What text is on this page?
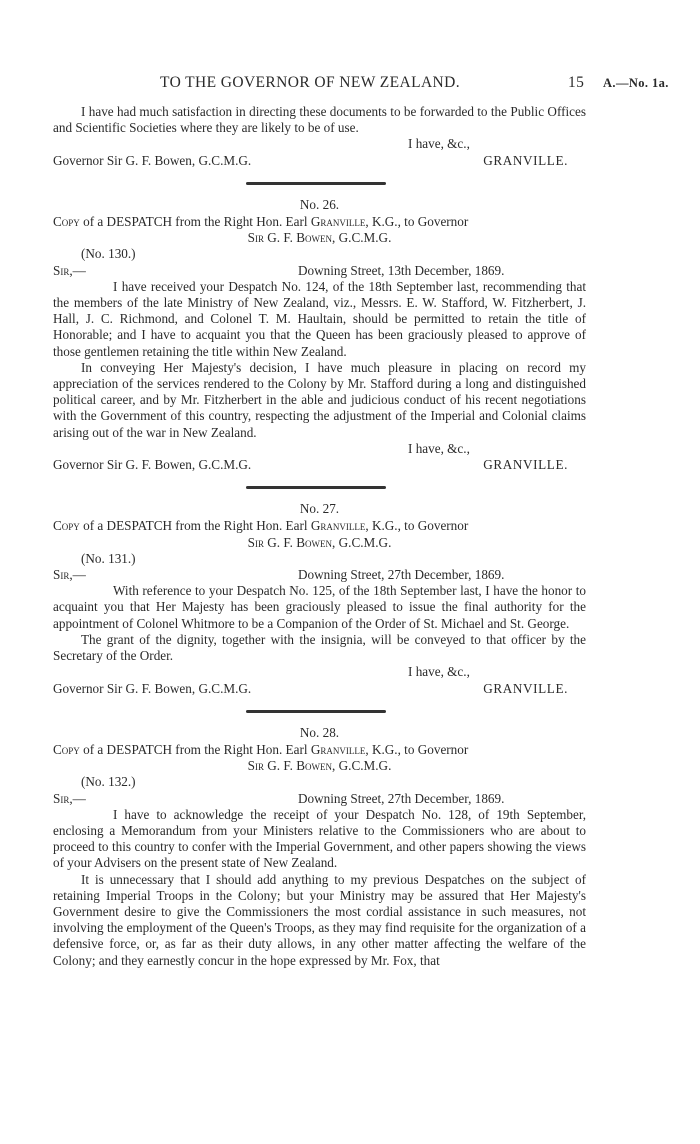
TO THE GOVERNOR OF NEW ZEALAND.	15 A.—No. 1a.

I have had much satisfaction in directing these documents to be forwarded to the Public Offices and Scientific Societies where they are likely to be of use.

I have, &c.,
Governor Sir G. F. Bowen, G.C.M.G.	GRANVILLE.
No. 26.
Copy of a DESPATCH from the Right Hon. Earl Granville, K.G., to Governor
Sir G. F. Bowen, G.C.M.G.
(No. 130.)
Sir,—	Downing Street, 13th December, 1869.

I have received your Despatch No. 124, of the 18th September last, recommending that the members of the late Ministry of New Zealand, viz., Messrs. E. W. Stafford, W. Fitzherbert, J. Hall, J. C. Richmond, and Colonel T. M. Haultain, should be permitted to retain the title of Honorable; and I have to acquaint you that the Queen has been graciously pleased to approve of those gentlemen retaining the title within New Zealand.

In conveying Her Majesty's decision, I have much pleasure in placing on record my appreciation of the services rendered to the Colony by Mr. Stafford during a long and distinguished political career, and by Mr. Fitzherbert in the able and judicious conduct of his recent negotiations with the Government of this country, respecting the adjustment of the Imperial and Colonial claims arising out of the war in New Zealand.

I have, &c.,
Governor Sir G. F. Bowen, G.C.M.G.	GRANVILLE.
No. 27.
Copy of a DESPATCH from the Right Hon. Earl Granville, K.G., to Governor
Sir G. F. Bowen, G.C.M.G.
(No. 131.)
Sir,—	Downing Street, 27th December, 1869.

With reference to your Despatch No. 125, of the 18th September last, I have the honor to acquaint you that Her Majesty has been graciously pleased to issue the final authority for the appointment of Colonel Whitmore to be a Companion of the Order of St. Michael and St. George.

The grant of the dignity, together with the insignia, will be conveyed to that officer by the Secretary of the Order.

I have, &c.,
Governor Sir G. F. Bowen, G.C.M.G.	GRANVILLE.
No. 28.
Copy of a DESPATCH from the Right Hon. Earl Granville, K.G., to Governor
Sir G. F. Bowen, G.C.M.G.
(No. 132.)
Sir,—	Downing Street, 27th December, 1869.

I have to acknowledge the receipt of your Despatch No. 128, of 19th September, enclosing a Memorandum from your Ministers relative to the Commissioners who are about to proceed to this country to confer with the Imperial Government, and other papers showing the views of your Advisers on the present state of New Zealand.

It is unnecessary that I should add anything to my previous Despatches on the subject of retaining Imperial Troops in the Colony; but your Ministry may be assured that Her Majesty's Government desire to give the Commissioners the most cordial assistance in such measures, not involving the employment of the Queen's Troops, as they may find requisite for the organization of a defensive force, or, as far as their duty allows, in any other matter affecting the welfare of the Colony; and they earnestly concur in the hope expressed by Mr. Fox, that
